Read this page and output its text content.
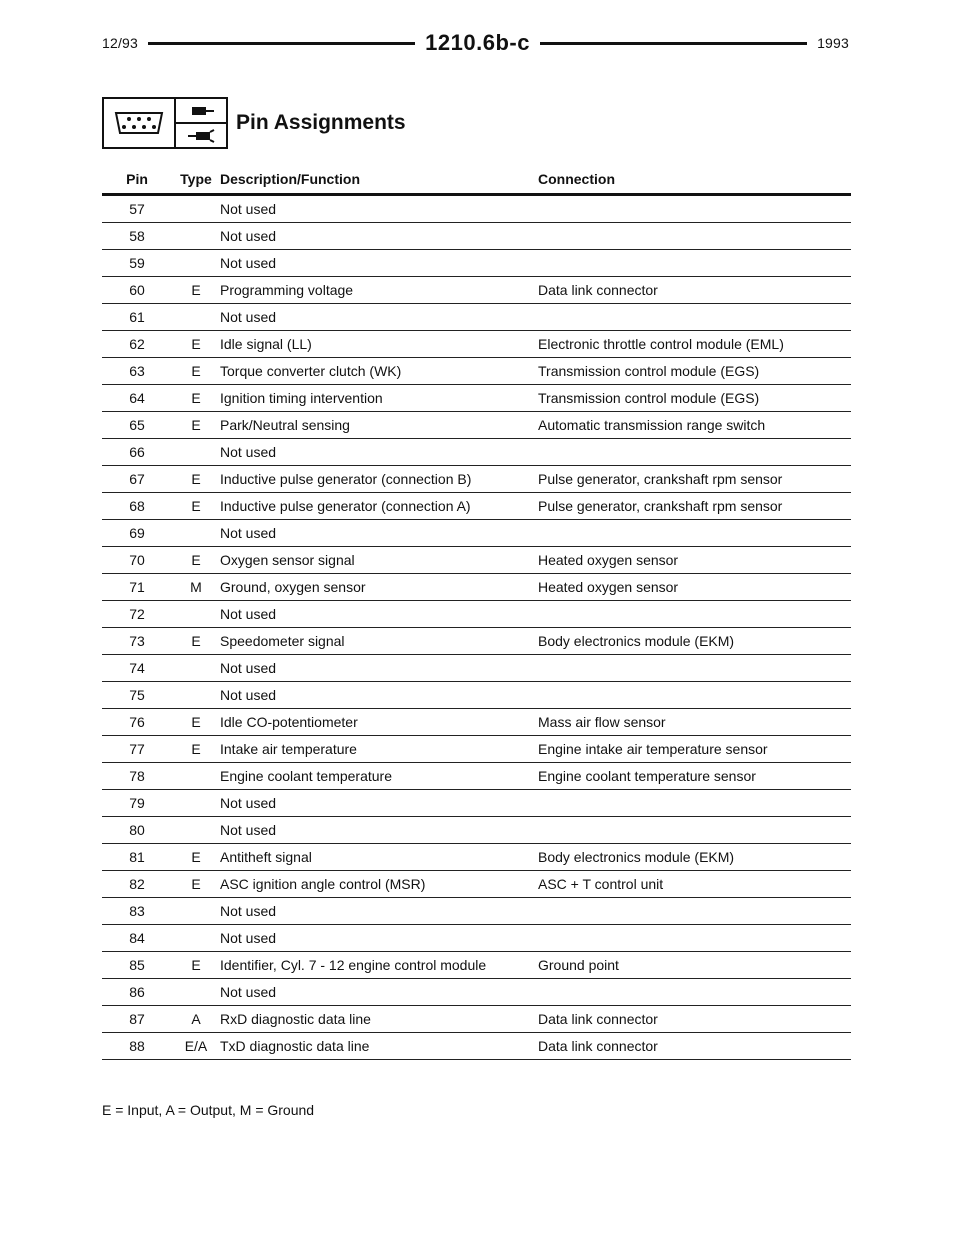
12/93	1210.6b-c	1993
Pin Assignments
Pin	Type	Description/Function	Connection
57		Not used	
58		Not used	
59		Not used	
60	E	Programming voltage	Data link connector
61		Not used	
62	E	Idle signal (LL)	Electronic throttle control module (EML)
63	E	Torque converter clutch (WK)	Transmission control module (EGS)
64	E	Ignition timing intervention	Transmission control module (EGS)
65	E	Park/Neutral sensing	Automatic transmission range switch
66		Not used	
67	E	Inductive pulse generator (connection B)	Pulse generator, crankshaft rpm sensor
68	E	Inductive pulse generator (connection A)	Pulse generator, crankshaft rpm sensor
69		Not used	
70	E	Oxygen sensor signal	Heated oxygen sensor
71	M	Ground, oxygen sensor	Heated oxygen sensor
72		Not used	
73	E	Speedometer signal	Body electronics module (EKM)
74		Not used	
75		Not used	
76	E	Idle CO-potentiometer	Mass air flow sensor
77	E	Intake air temperature	Engine intake air temperature sensor
78		Engine coolant temperature	Engine coolant temperature sensor
79		Not used	
80		Not used	
81	E	Antitheft signal	Body electronics module (EKM)
82	E	ASC ignition angle control (MSR)	ASC + T control unit
83		Not used	
84		Not used	
85	E	Identifier, Cyl. 7 - 12 engine control module	Ground point
86		Not used	
87	A	RxD diagnostic data line	Data link connector
88	E/A	TxD diagnostic data line	Data link connector
E = Input, A = Output, M = Ground
